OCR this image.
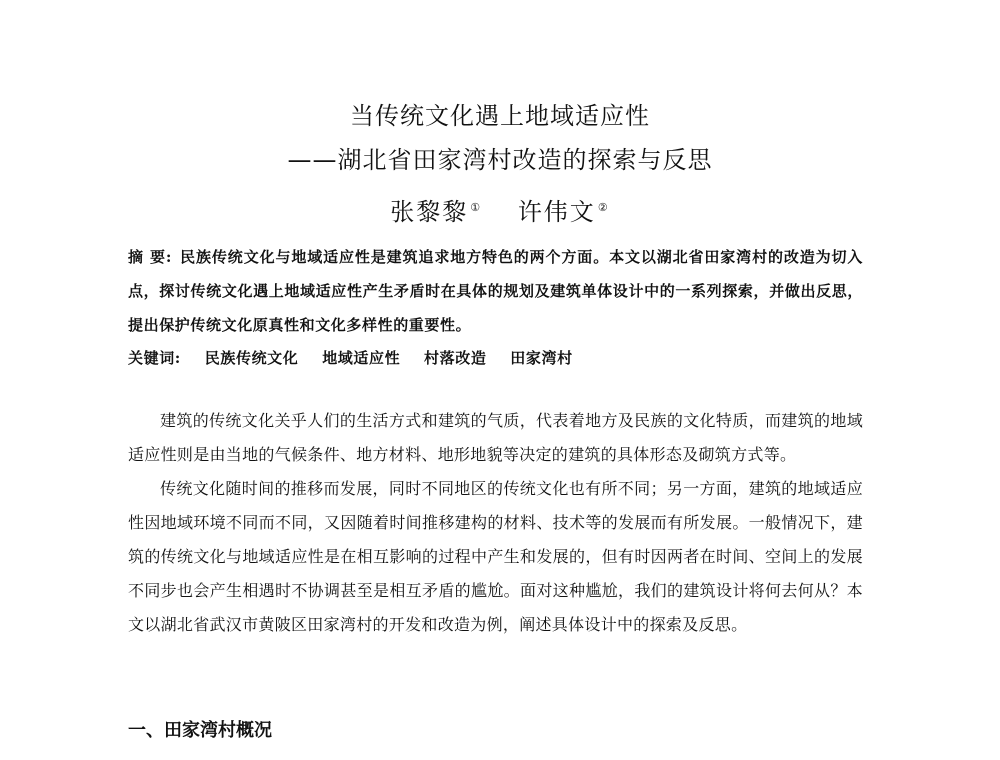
当传统文化遇上地域适应性
——湖北省田家湾村改造的探索与反思
张黎黎 ① 许伟文 ②
摘 要: 民族传统文化与地域适应性是建筑追求地方特色的两个方面。本文以湖北省田家湾村的改造为切入点，探讨传统文化遇上地域适应性产生矛盾时在具体的规划及建筑单体设计中的一系列探索，并做出反思，提出保护传统文化原真性和文化多样性的重要性。
关键词: 民族传统文化 地域适应性 村落改造 田家湾村

建筑的传统文化关乎人们的生活方式和建筑的气质，代表着地方及民族的文化特质，而建筑的地域适应性则是由当地的气候条件、地方材料、地形地貌等决定的建筑的具体形态及砌筑方式等。

传统文化随时间的推移而发展，同时不同地区的传统文化也有所不同；另一方面，建筑的地域适应性因地域环境不同而不同，又因随着时间推移建构的材料、技术等的发展而有所发展。一般情况下，建筑的传统文化与地域适应性是在相互影响的过程中产生和发展的，但有时因两者在时间、空间上的发展不同步也会产生相遇时不协调甚至是相互矛盾的尴尬。面对这种尴尬，我们的建筑设计将何去何从？本文以湖北省武汉市黄陂区田家湾村的开发和改造为例，阐述具体设计中的探索及反思。

一、田家湾村概况
